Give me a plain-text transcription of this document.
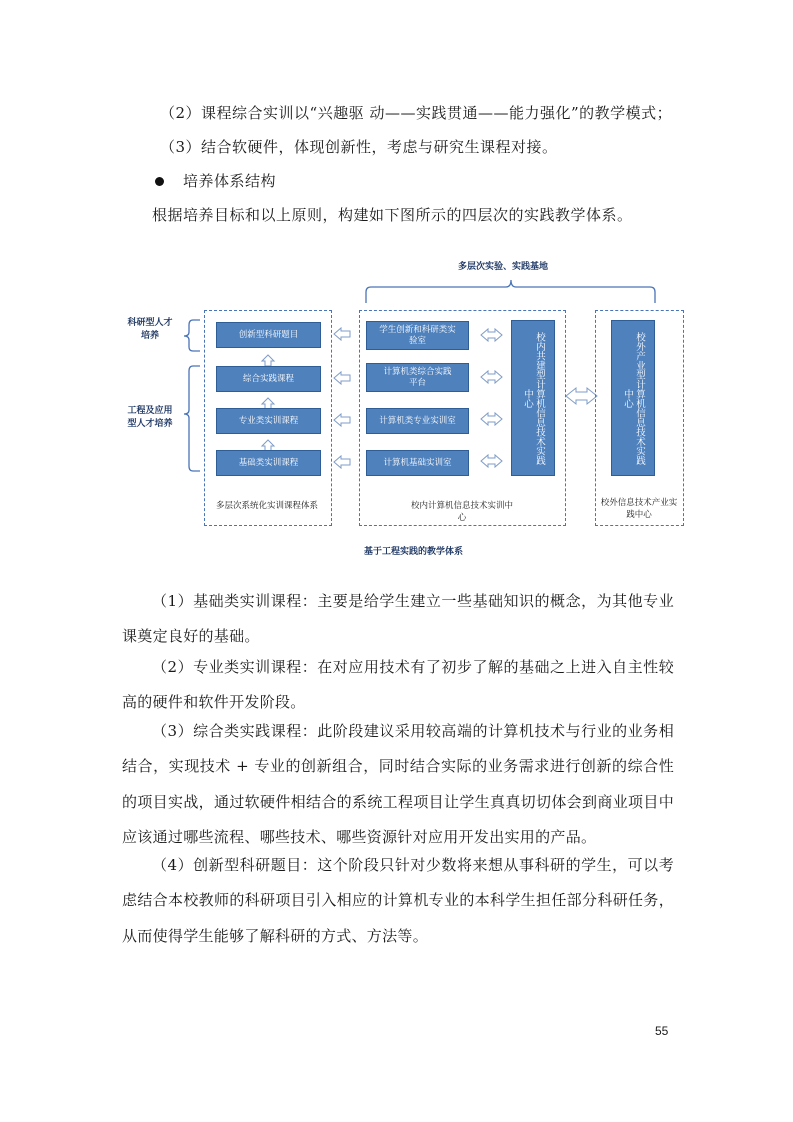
（2）课程综合实训以“兴趣驱 动——实践贯通——能力强化”的教学模式；
（3）结合软硬件，体现创新性，考虑与研究生课程对接。
培养体系结构
根据培养目标和以上原则，构建如下图所示的四层次的实践教学体系。
多层次实验、实践基地
科研型人才培养
工程及应用型人才培养
创新型科研题目
综合实践课程
专业类实训课程
基础类实训课程
多层次系统化实训课程体系
学生创新和科研类实验室
计算机类综合实践平台
计算机类专业实训室
计算机基础实训室	校内共建型计算机信息技术实践中心
校内计算机信息技术实训中心
校外产业型计算机信息技术实践中心
校外信息技术产业实践中心
基于工程实践的教学体系
（1）基础类实训课程：主要是给学生建立一些基础知识的概念，为其他专业课奠定良好的基础。
（2）专业类实训课程：在对应用技术有了初步了解的基础之上进入自主性较高的硬件和软件开发阶段。
（3）综合类实践课程：此阶段建议采用较高端的计算机技术与行业的业务相结合，实现技术 + 专业的创新组合，同时结合实际的业务需求进行创新的综合性的项目实战，通过软硬件相结合的系统工程项目让学生真真切切体会到商业项目中应该通过哪些流程、哪些技术、哪些资源针对应用开发出实用的产品。
（4）创新型科研题目：这个阶段只针对少数将来想从事科研的学生，可以考虑结合本校教师的科研项目引入相应的计算机专业的本科学生担任部分科研任务，从而使得学生能够了解科研的方式、方法等。
55
